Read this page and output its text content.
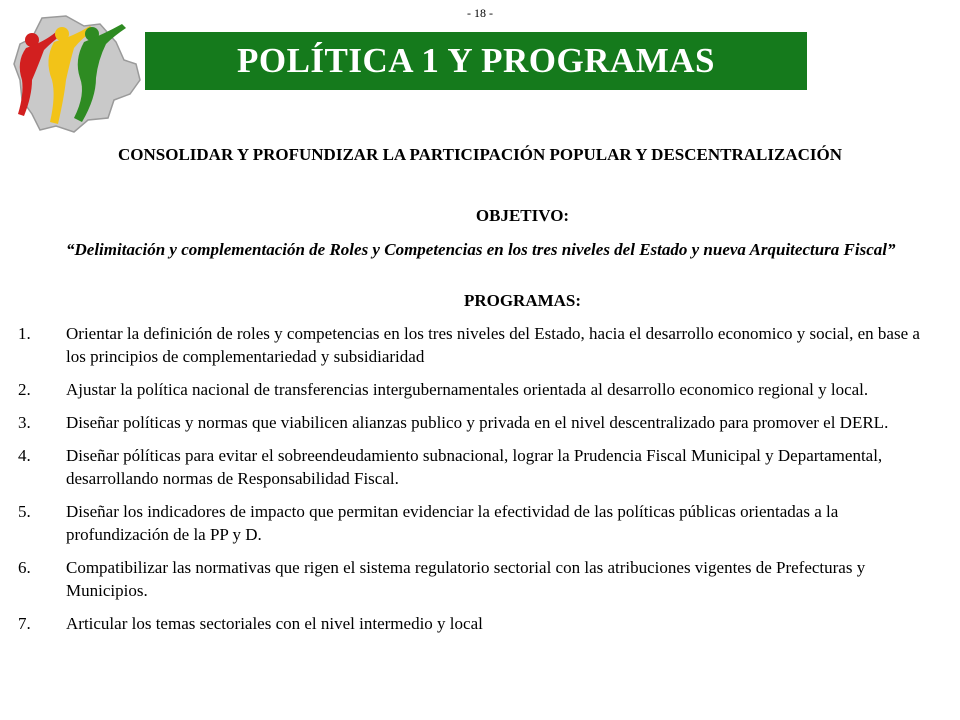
- 18 -
POLÍTICA 1 Y PROGRAMAS
CONSOLIDAR Y PROFUNDIZAR LA PARTICIPACIÓN POPULAR Y DESCENTRALIZACIÓN
OBJETIVO:
“Delimitación y complementación de Roles y Competencias en los tres niveles del Estado y nueva Arquitectura Fiscal”
PROGRAMAS:
1.	Orientar la definición de roles y competencias en los tres niveles del Estado, hacia el desarrollo economico y social, en base a los principios de complementariedad y subsidiaridad
2.	Ajustar la política nacional de transferencias intergubernamentales orientada al desarrollo economico regional y local.
3.	Diseñar políticas y normas que viabilicen alianzas publico y privada en el nivel descentralizado para promover el DERL.
4.	Diseñar pólíticas para evitar el sobreendeudamiento subnacional, lograr la Prudencia Fiscal Municipal y Departamental, desarrollando normas de Responsabilidad Fiscal.
5.	Diseñar los indicadores de impacto que permitan evidenciar la efectividad de las políticas públicas orientadas a la profundización de la PP y D.
6.	Compatibilizar las normativas que rigen el sistema regulatorio sectorial con las atribuciones vigentes de Prefecturas y Municipios.
7.	Articular los temas sectoriales con el nivel intermedio y local
